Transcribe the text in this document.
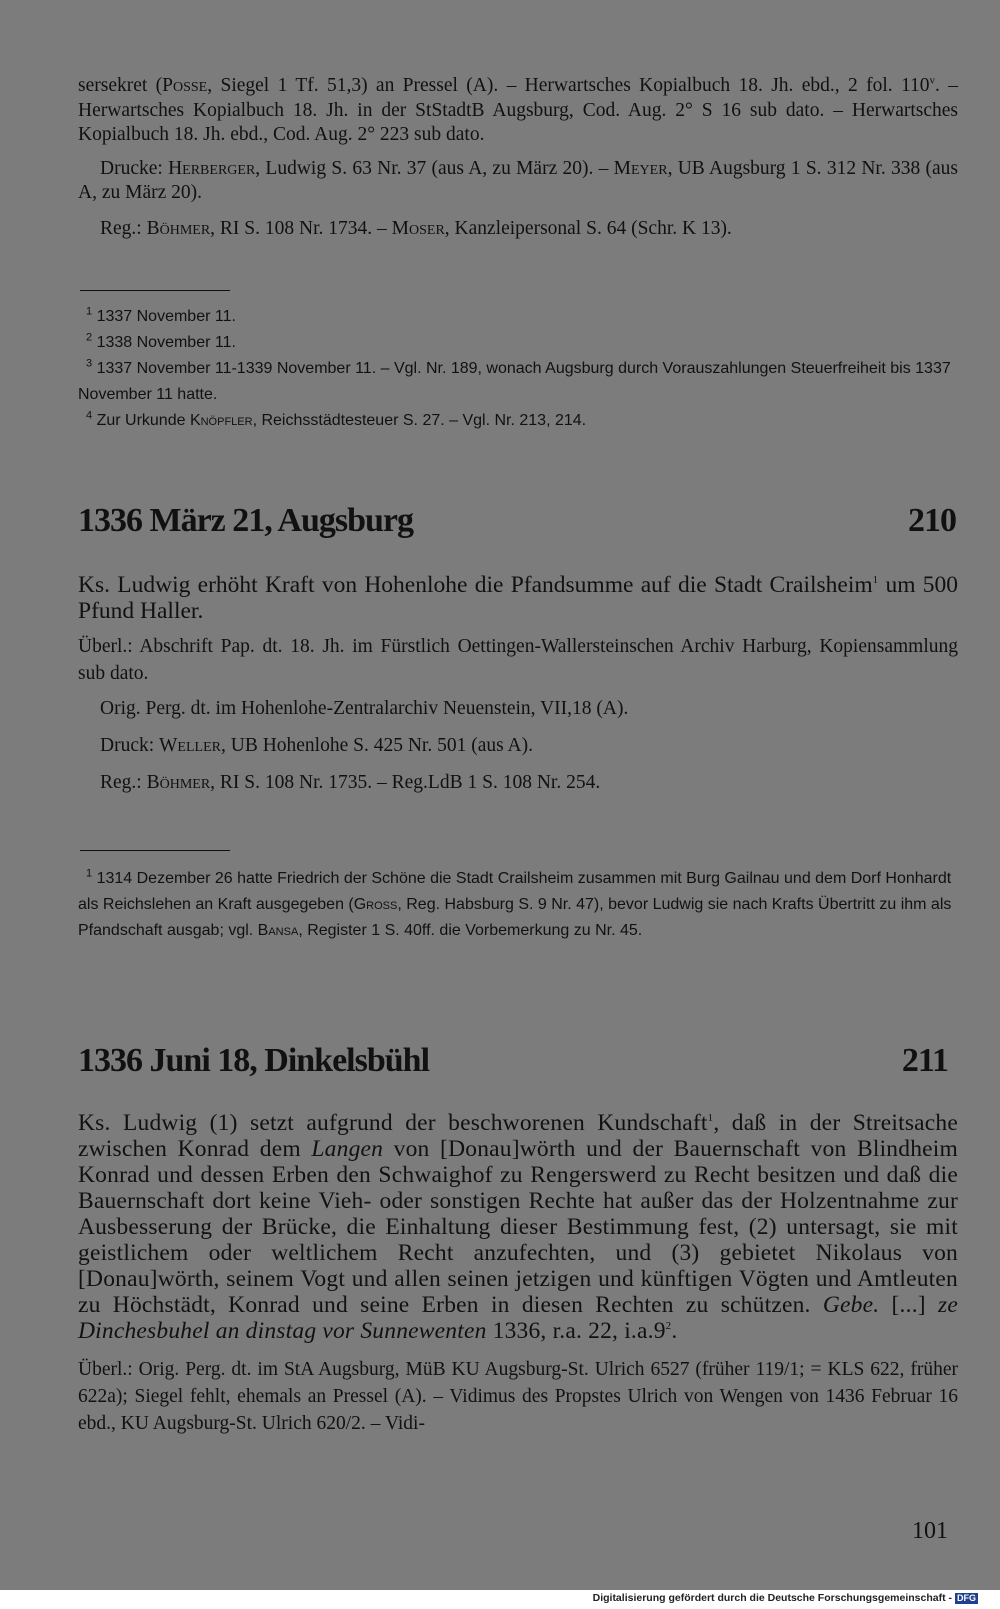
sersekret (Posse, Siegel 1 Tf. 51,3) an Pressel (A). – Herwartsches Kopialbuch 18. Jh. ebd., 2 fol. 110$^v$. – Herwartsches Kopialbuch 18. Jh. in der StStadtB Augsburg, Cod. Aug. 2° S 16 sub dato. – Herwartsches Kopialbuch 18. Jh. ebd., Cod. Aug. 2° 223 sub dato.

Drucke: Herberger, Ludwig S. 63 Nr. 37 (aus A, zu März 20). – Meyer, UB Augsburg 1 S. 312 Nr. 338 (aus A, zu März 20).

Reg.: Böhmer, RI S. 108 Nr. 1734. – Moser, Kanzleipersonal S. 64 (Schr. K 13).

$^1$ 1337 November 11.

$^2$ 1338 November 11.

$^3$ 1337 November 11-1339 November 11. – Vgl. Nr. 189, wonach Augsburg durch Vorauszahlungen Steuerfreiheit bis 1337 November 11 hatte.

$^4$ Zur Urkunde Knöpfler, Reichsstädtesteuer S. 27. – Vgl. Nr. 213, 214.

1336 März 21, Augsburg	210

Ks. Ludwig erhöht Kraft von Hohenlohe die Pfandsumme auf die Stadt Crailsheim$^1$ um 500 Pfund Haller.

Überl.: Abschrift Pap. dt. 18. Jh. im Fürstlich Oettingen-Wallersteinschen Archiv Harburg, Kopiensammlung sub dato.

Orig. Perg. dt. im Hohenlohe-Zentralarchiv Neuenstein, VII,18 (A).

Druck: Weller, UB Hohenlohe S. 425 Nr. 501 (aus A).

Reg.: Böhmer, RI S. 108 Nr. 1735. – Reg.LdB 1 S. 108 Nr. 254.

$^1$ 1314 Dezember 26 hatte Friedrich der Schöne die Stadt Crailsheim zusammen mit Burg Gailnau und dem Dorf Honhardt als Reichslehen an Kraft ausgegeben (Gross, Reg. Habsburg S. 9 Nr. 47), bevor Ludwig sie nach Krafts Übertritt zu ihm als Pfandschaft ausgab; vgl. Bansa, Register 1 S. 40ff. die Vorbemerkung zu Nr. 45.

1336 Juni 18, Dinkelsbühl	211

Ks. Ludwig (1) setzt aufgrund der beschworenen Kundschaft$^1$, daß in der Streitsache zwischen Konrad dem Langen von [Donau]wörth und der Bauernschaft von Blindheim Konrad und dessen Erben den Schwaighof zu Rengerswerd zu Recht besitzen und daß die Bauernschaft dort keine Vieh- oder sonstigen Rechte hat außer das der Holzentnahme zur Ausbesserung der Brücke, die Einhaltung dieser Bestimmung fest, (2) untersagt, sie mit geistlichem oder weltlichem Recht anzufechten, und (3) gebietet Nikolaus von [Donau]wörth, seinem Vogt und allen seinen jetzigen und künftigen Vögten und Amtleuten zu Höchstädt, Konrad und seine Erben in diesen Rechten zu schützen. Gebe. [...] ze Dinchesbuhel an dinstag vor Sunnewenten 1336, r.a. 22, $i.a.9^2$.

Überl.: Orig. Perg. dt. im StA Augsburg, MüB KU Augsburg-St. Ulrich 6527 (früher 119/1; = KLS 622, früher 622a); Siegel fehlt, ehemals an Pressel (A). – Vidimus des Propstes Ulrich von Wengen von 1436 Februar 16 ebd., KU Augsburg-St. Ulrich 620/2. – Vidi-

101
Digitalisierung gefördert durch die Deutsche Forschungsgemeinschaft - DFG
